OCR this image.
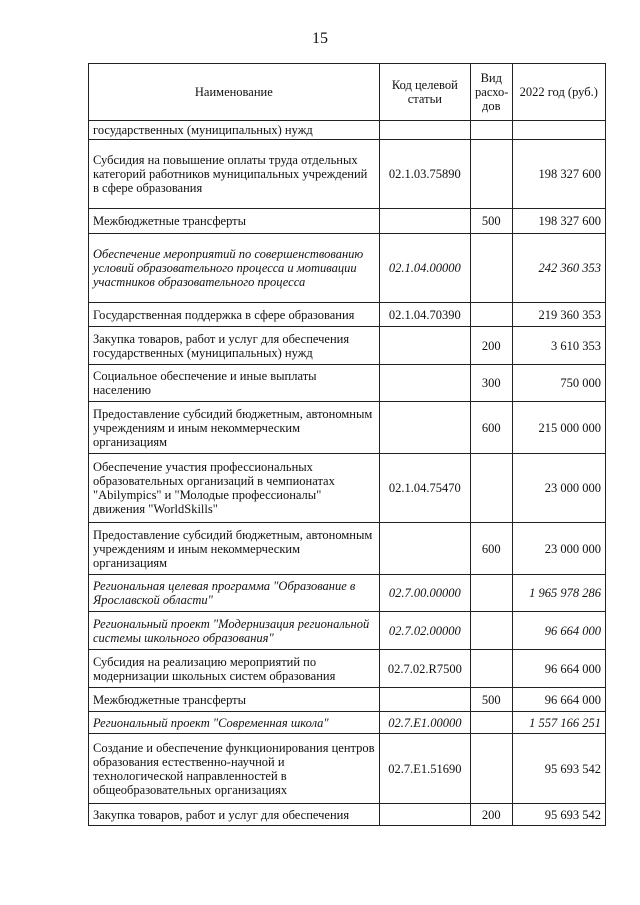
15
Наименование	Код целевой статьи	Вид расхо-дов	2022 год (руб.)
государственных (муниципальных) нужд			
Субсидия на повышение оплаты труда отдельных категорий работников муниципальных учреждений в сфере образования	02.1.03.75890		198 327 600
Межбюджетные трансферты		500	198 327 600
Обеспечение мероприятий по совершенствованию условий образовательного процесса и мотивации участников образовательного процесса	02.1.04.00000		242 360 353
Государственная поддержка в сфере образования	02.1.04.70390		219 360 353
Закупка товаров, работ и услуг для обеспечения государственных (муниципальных) нужд		200	3 610 353
Социальное обеспечение и иные выплаты населению		300	750 000
Предоставление субсидий бюджетным, автономным учреждениям и иным некоммерческим организациям		600	215 000 000
Обеспечение участия профессиональных образовательных организаций в чемпионатах "Abilympics" и "Молодые профессионалы" движения "WorldSkills"	02.1.04.75470		23 000 000
Предоставление субсидий бюджетным, автономным учреждениям и иным некоммерческим организациям		600	23 000 000
Региональная целевая программа "Образование в Ярославской области"	02.7.00.00000		1 965 978 286
Региональный проект "Модернизация региональной системы школьного образования"	02.7.02.00000		96 664 000
Субсидия на реализацию мероприятий по модернизации школьных систем образования	02.7.02.R7500		96 664 000
Межбюджетные трансферты		500	96 664 000
Региональный проект "Современная школа"	02.7.Е1.00000		1 557 166 251
Создание и обеспечение функционирования центров образования естественно-научной и технологической направленностей в общеобразовательных организациях	02.7.Е1.51690		95 693 542
Закупка товаров, работ и услуг для обеспечения		200	95 693 542
